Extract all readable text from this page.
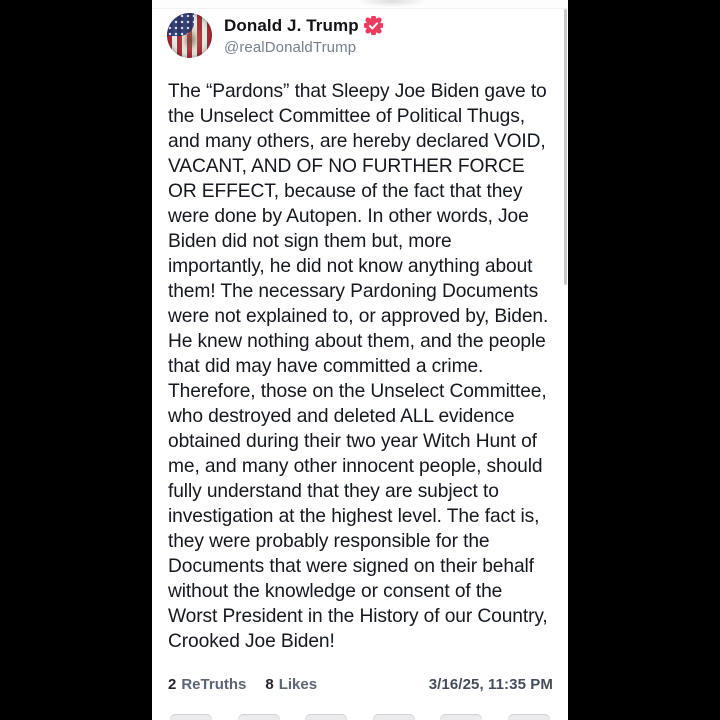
Donald J. Trump
@realDonaldTrump
The “Pardons” that Sleepy Joe Biden gave to the Unselect Committee of Political Thugs, and many others, are hereby declared VOID, VACANT, AND OF NO FURTHER FORCE OR EFFECT, because of the fact that they were done by Autopen. In other words, Joe Biden did not sign them but, more importantly, he did not know anything about them! The necessary Pardoning Documents were not explained to, or approved by, Biden. He knew nothing about them, and the people that did may have committed a crime. Therefore, those on the Unselect Committee, who destroyed and deleted ALL evidence obtained during their two year Witch Hunt of me, and many other innocent people, should fully understand that they are subject to investigation at the highest level. The fact is, they were probably responsible for the Documents that were signed on their behalf without the knowledge or consent of the Worst President in the History of our Country, Crooked Joe Biden!
2 ReTruths 8 Likes	3/16/25, 11:35 PM
